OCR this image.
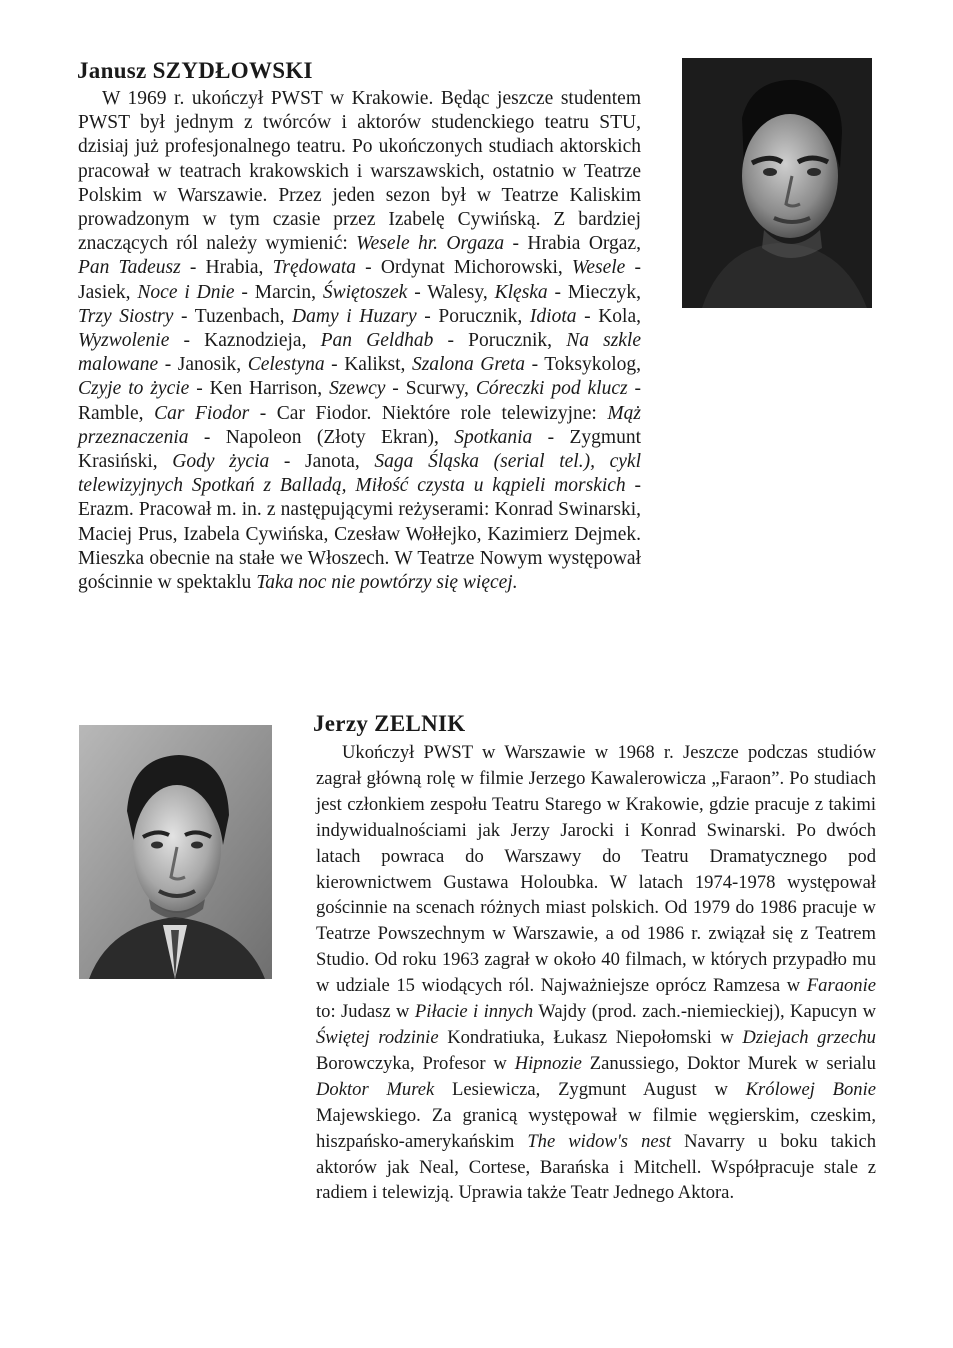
Janusz SZYDŁOWSKI

W 1969 r. ukończył PWST w Krakowie. Będąc jeszcze studentem PWST był jednym z twórców i aktorów studenckiego teatru STU, dzisiaj już profesjonalnego teatru. Po ukończonych studiach aktorskich pracował w teatrach krakowskich i warszawskich, ostatnio w Teatrze Polskim w Warszawie. Przez jeden sezon był w Teatrze Kaliskim prowadzonym w tym czasie przez Izabelę Cywińską. Z bardziej znaczących ról należy wymienić: Wesele hr. Orgaza - Hrabia Orgaz, Pan Tadeusz - Hrabia, Trędowata - Ordynat Michorowski, Wesele - Jasiek, Noce i Dnie - Marcin, Świętoszek - Walesy, Klęska - Mieczyk, Trzy Siostry - Tuzenbach, Damy i Huzary - Porucznik, Idiota - Kola, Wyzwolenie - Kaznodzieja, Pan Geldhab - Porucznik, Na szkle malowane - Janosik, Celestyna - Kalikst, Szalona Greta - Toksykolog, Czyje to życie - Ken Harrison, Szewcy - Scurwy, Córeczki pod klucz - Ramble, Car Fiodor - Car Fiodor. Niektóre role telewizyjne: Mąż przeznaczenia - Napoleon (Złoty Ekran), Spotkania - Zygmunt Krasiński, Gody życia - Janota, Saga Śląska (serial tel.), cykl telewizyjnych Spotkań z Balladą, Miłość czysta u kąpieli morskich - Erazm. Pracował m. in. z następującymi reżyserami: Konrad Swinarski, Maciej Prus, Izabela Cywińska, Czesław Wołłejko, Kazimierz Dejmek. Mieszka obecnie na stałe we Włoszech. W Teatrze Nowym występował gościnnie w spektaklu Taka noc nie powtórzy się więcej.

Jerzy ZELNIK

Ukończył PWST w Warszawie w 1968 r. Jeszcze podczas studiów zagrał główną rolę w filmie Jerzego Kawalerowicza „Faraon”. Po studiach jest członkiem zespołu Teatru Starego w Krakowie, gdzie pracuje z takimi indywidualnościami jak Jerzy Jarocki i Konrad Swinarski. Po dwóch latach powraca do Warszawy do Teatru Dramatycznego pod kierownictwem Gustawa Holoubka. W latach 1974-1978 występował gościnnie na scenach różnych miast polskich. Od 1979 do 1986 pracuje w Teatrze Powszechnym w Warszawie, a od 1986 r. związał się z Teatrem Studio. Od roku 1963 zagrał w około 40 filmach, w których przypadło mu w udziale 15 wiodących ról. Najważniejsze oprócz Ramzesa w Faraonie to: Judasz w Piłacie i innych Wajdy (prod. zach.-niemieckiej), Kapucyn w Świętej rodzinie Kondratiuka, Łukasz Niepołomski w Dziejach grzechu Borowczyka, Profesor w Hipnozie Zanussiego, Doktor Murek w serialu Doktor Murek Lesiewicza, Zygmunt August w Królowej Bonie Majewskiego. Za granicą występował w filmie węgierskim, czeskim, hiszpańsko-amerykańskim The widow's nest Navarry u boku takich aktorów jak Neal, Cortese, Barańska i Mitchell. Współpracuje stale z radiem i telewizją. Uprawia także Teatr Jednego Aktora.
